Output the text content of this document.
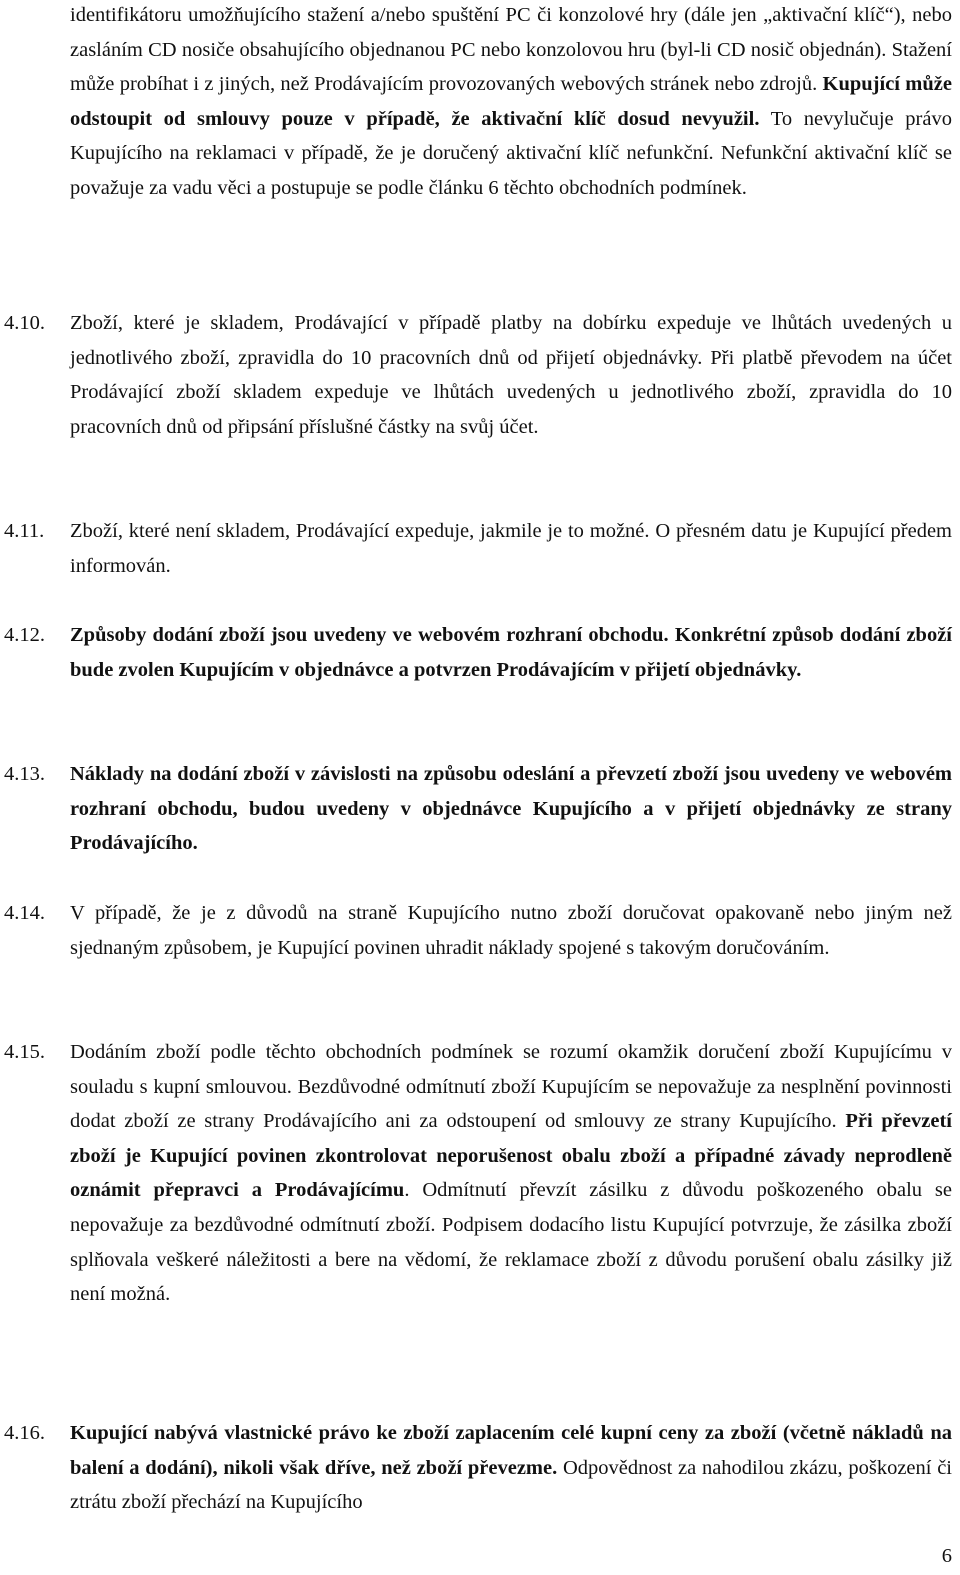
identifikátoru umožňujícího stažení a/nebo spuštění PC či konzolové hry (dále jen „aktivační klíč“), nebo zasláním CD nosiče obsahujícího objednanou PC nebo konzolovou hru (byl-li CD nosič objednán). Stažení může probíhat i z jiných, než Prodávajícím provozovaných webových stránek nebo zdrojů. Kupující může odstoupit od smlouvy pouze v případě, že aktivační klíč dosud nevyužil. To nevylučuje právo Kupujícího na reklamaci v případě, že je doručený aktivační klíč nefunkční. Nefunkční aktivační klíč se považuje za vadu věci a postupuje se podle článku 6 těchto obchodních podmínek.
4.10. Zboží, které je skladem, Prodávající v případě platby na dobírku expeduje ve lhůtách uvedených u jednotlivého zboží, zpravidla do 10 pracovních dnů od přijetí objednávky. Při platbě převodem na účet Prodávající zboží skladem expeduje ve lhůtách uvedených u jednotlivého zboží, zpravidla do 10 pracovních dnů od připsání příslušné částky na svůj účet.
4.11. Zboží, které není skladem, Prodávající expeduje, jakmile je to možné. O přesném datu je Kupující předem informován.
4.12. Způsoby dodání zboží jsou uvedeny ve webovém rozhraní obchodu. Konkrétní způsob dodání zboží bude zvolen Kupujícím v objednávce a potvrzen Prodávajícím v přijetí objednávky.
4.13. Náklady na dodání zboží v závislosti na způsobu odeslání a převzetí zboží jsou uvedeny ve webovém rozhraní obchodu, budou uvedeny v objednávce Kupujícího a v přijetí objednávky ze strany Prodávajícího.
4.14. V případě, že je z důvodů na straně Kupujícího nutno zboží doručovat opakovaně nebo jiným než sjednaným způsobem, je Kupující povinen uhradit náklady spojené s takovým doručováním.
4.15. Dodáním zboží podle těchto obchodních podmínek se rozumí okamžik doručení zboží Kupujícímu v souladu s kupní smlouvou. Bezdůvodné odmítnutí zboží Kupujícím se nepovažuje za nesplnění povinnosti dodat zboží ze strany Prodávajícího ani za odstoupení od smlouvy ze strany Kupujícího. Při převzetí zboží je Kupující povinen zkontrolovat neporušenost obalu zboží a případné závady neprodleně oznámit přepravci a Prodávajícímu. Odmítnutí převzít zásilku z důvodu poškozeného obalu se nepovažuje za bezdůvodné odmítnutí zboží. Podpisem dodacího listu Kupující potvrzuje, že zásilka zboží splňovala veškeré náležitosti a bere na vědomí, že reklamace zboží z důvodu porušení obalu zásilky již není možná.
4.16. Kupující nabývá vlastnické právo ke zboží zaplacením celé kupní ceny za zboží (včetně nákladů na balení a dodání), nikoli však dříve, než zboží převezme. Odpovědnost za nahodilou zkázu, poškození či ztrátu zboží přechází na Kupujícího
6
